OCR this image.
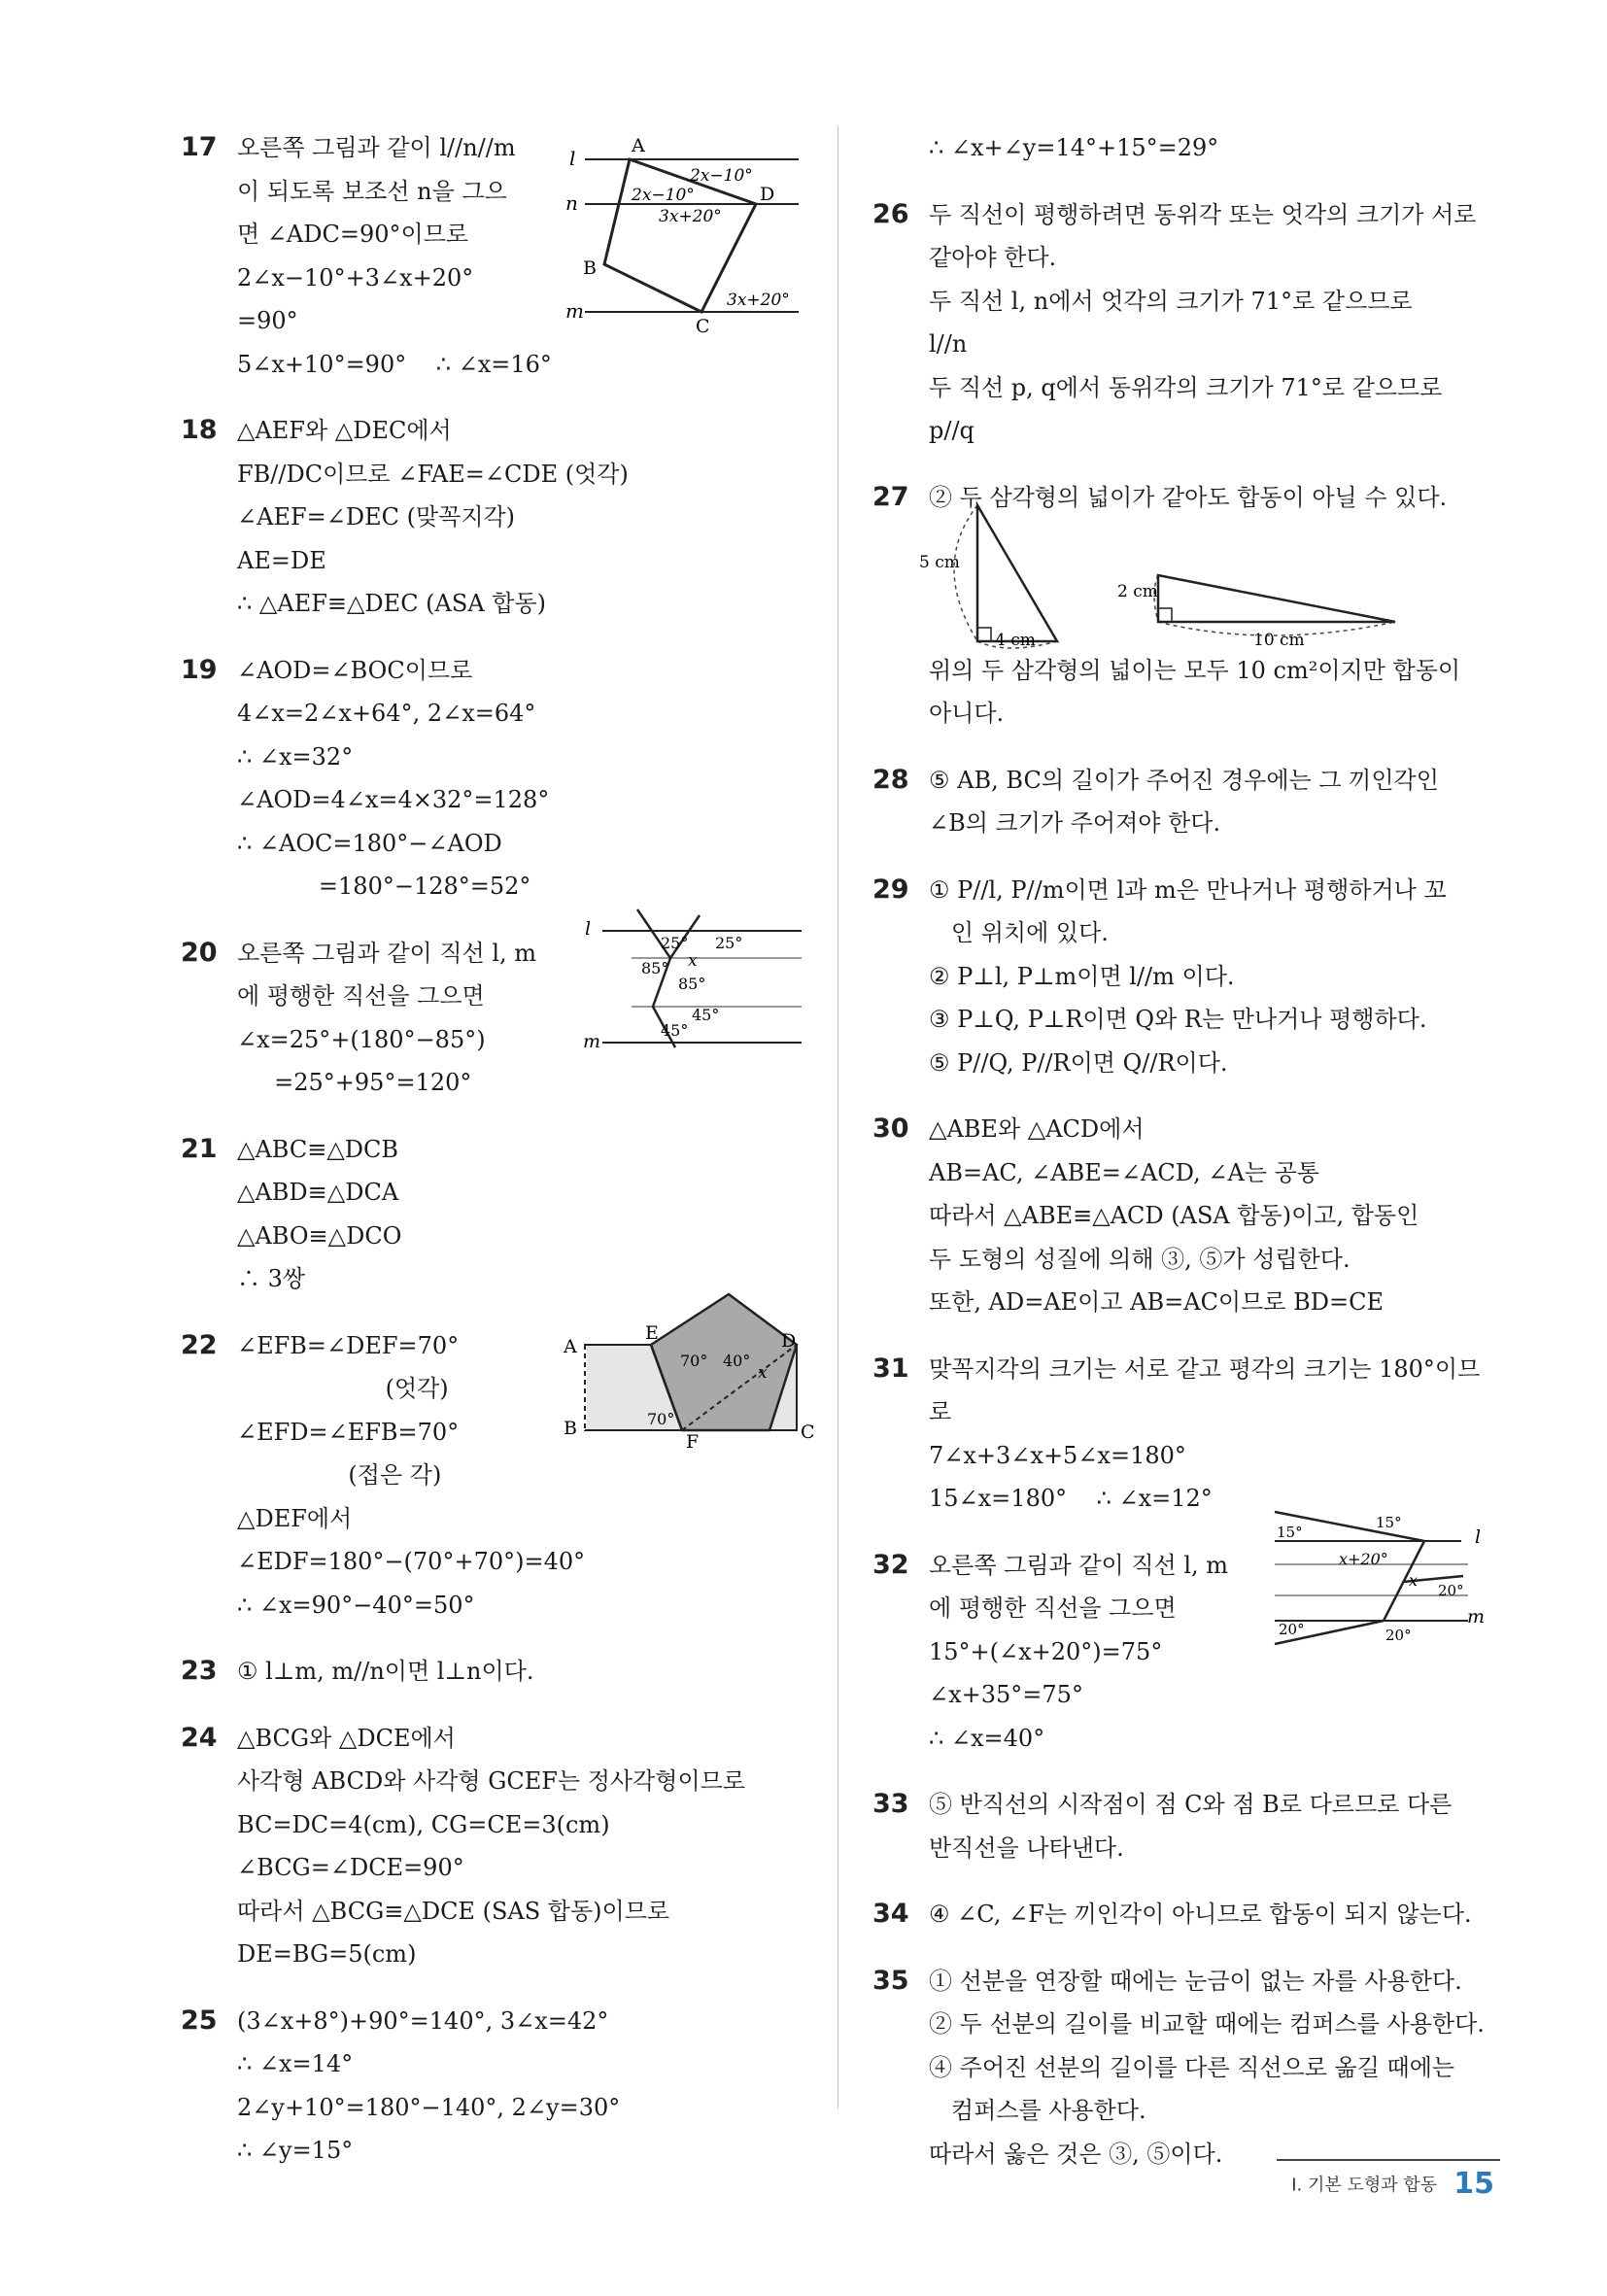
17 오른쪽 그림과 같이 l//n//m
이 되도록 보조선 n을 그으
면 ∠ADC=90°이므로
2∠x−10°+3∠x+20°
=90°
5∠x+10°=90°    ∴ ∠x=16°
18 △AEF와 △DEC에서
FB//DC이므로 ∠FAE=∠CDE (엇각)
∠AEF=∠DEC (맞꼭지각)
AE=DE
∴ △AEF≡△DEC (ASA 합동)
19 ∠AOD=∠BOC이므로
4∠x=2∠x+64°, 2∠x=64°
∴ ∠x=32°
∠AOD=4∠x=4×32°=128°
∴ ∠AOC=180°−∠AOD
=180°−128°=52°
20 오른쪽 그림과 같이 직선 l, m
에 평행한 직선을 그으면
∠x=25°+(180°−85°)
=25°+95°=120°
21 △ABC≡△DCB
△ABD≡△DCA
△ABO≡△DCO
∴ 3쌍
22 ∠EFB=∠DEF=70°
(엇각)
∠EFD=∠EFB=70°
(접은 각)
△DEF에서
∠EDF=180°−(70°+70°)=40°
∴ ∠x=90°−40°=50°
23 ① l⊥m, m//n이면 l⊥n이다.
24 △BCG와 △DCE에서
사각형 ABCD와 사각형 GCEF는 정사각형이므로
BC=DC=4(cm), CG=CE=3(cm)
∠BCG=∠DCE=90°
따라서 △BCG≡△DCE (SAS 합동)이므로
DE=BG=5(cm)
25 (3∠x+8°)+90°=140°, 3∠x=42°
∴ ∠x=14°
2∠y+10°=180°−140°, 2∠y=30°
∴ ∠y=15°

∴ ∠x+∠y=14°+15°=29°
26 두 직선이 평행하려면 동위각 또는 엇각의 크기가 서로
같아야 한다.
두 직선 l, n에서 엇각의 크기가 71°로 같으므로
l//n
두 직선 p, q에서 동위각의 크기가 71°로 같으므로
p//q
27 ② 두 삼각형의 넓이가 같아도 합동이 아닐 수 있다.

위의 두 삼각형의 넓이는 모두 10 cm²이지만 합동이
아니다.
28 ⑤ AB, BC의 길이가 주어진 경우에는 그 끼인각인
∠B의 크기가 주어져야 한다.
29 ① P//l, P//m이면 l과 m은 만나거나 평행하거나 꼬
인 위치에 있다.
② P⊥l, P⊥m이면 l//m 이다.
③ P⊥Q, P⊥R이면 Q와 R는 만나거나 평행하다.
⑤ P//Q, P//R이면 Q//R이다.
30 △ABE와 △ACD에서
AB=AC, ∠ABE=∠ACD, ∠A는 공통
따라서 △ABE≡△ACD (ASA 합동)이고, 합동인
두 도형의 성질에 의해 ③, ⑤가 성립한다.
또한, AD=AE이고 AB=AC이므로 BD=CE
31 맞꼭지각의 크기는 서로 같고 평각의 크기는 180°이므
로
7∠x+3∠x+5∠x=180°
15∠x=180°    ∴ ∠x=12°
32 오른쪽 그림과 같이 직선 l, m
에 평행한 직선을 그으면
15°+(∠x+20°)=75°
∠x+35°=75°
∴ ∠x=40°
33 ⑤ 반직선의 시작점이 점 C와 점 B로 다르므로 다른
반직선을 나타낸다.
34 ④ ∠C, ∠F는 끼인각이 아니므로 합동이 되지 않는다.
35 ① 선분을 연장할 때에는 눈금이 없는 자를 사용한다.
② 두 선분의 길이를 비교할 때에는 컴퍼스를 사용한다.
④ 주어진 선분의 길이를 다른 직선으로 옮길 때에는
컴퍼스를 사용한다.
따라서 옳은 것은 ③, ⑤이다.
l
n
m
A
D
B
C
2x−10°
2x−10°
3x+20°
3x+20°
l
m
25° 25°
85° x
85°
45°
45°
A
B	C
D
E
F
70° 40°
x
70°
5 cm
4 cm
2 cm
10 cm
l
m
15°
15°
x+20°
x
20°
20°	20°
Ⅰ. 기본 도형과 합동 15
